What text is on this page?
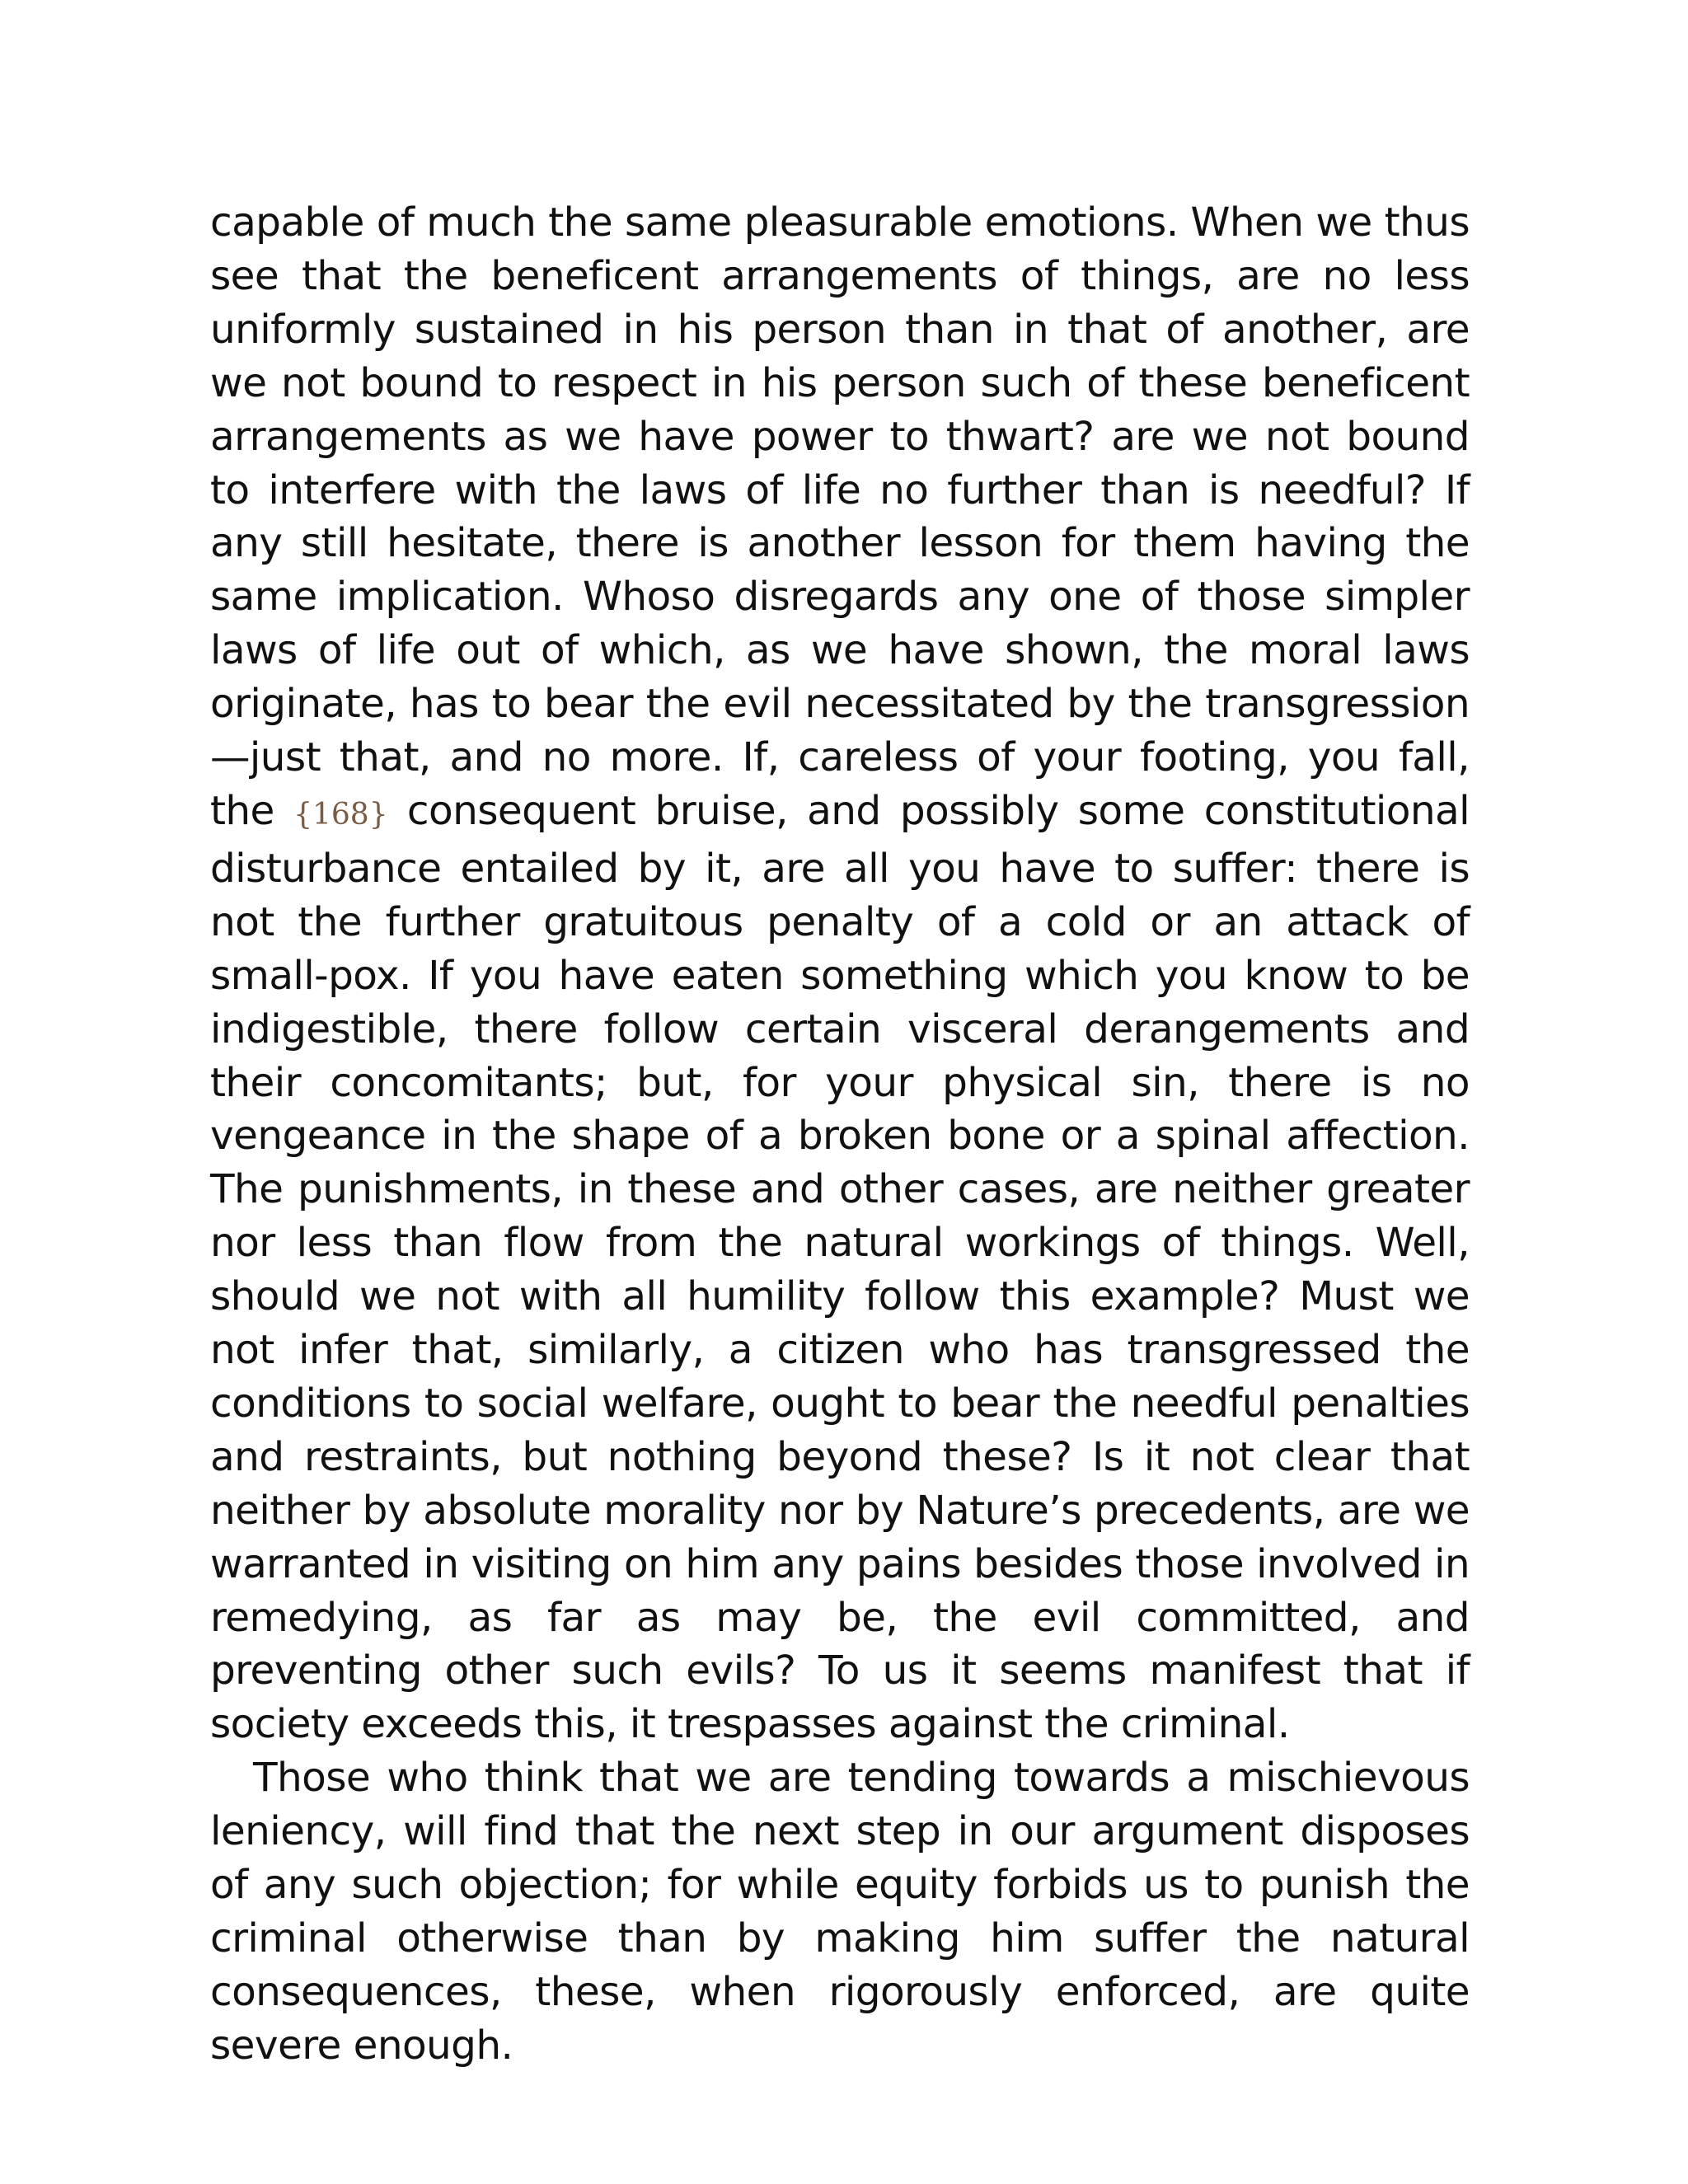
capable of much the same pleasurable emotions. When we thus see that the beneficent arrangements of things, are no less uniformly sustained in his person than in that of another, are we not bound to respect in his person such of these beneficent arrangements as we have power to thwart? are we not bound to interfere with the laws of life no further than is needful? If any still hesitate, there is another lesson for them having the same implication. Whoso disregards any one of those simpler laws of life out of which, as we have shown, the moral laws originate, has to bear the evil necessitated by the transgression—just that, and no more. If, careless of your footing, you fall, the {168} consequent bruise, and possibly some constitutional disturbance entailed by it, are all you have to suffer: there is not the further gratuitous penalty of a cold or an attack of small-pox. If you have eaten something which you know to be indigestible, there follow certain visceral derangements and their concomitants; but, for your physical sin, there is no vengeance in the shape of a broken bone or a spinal affection. The punishments, in these and other cases, are neither greater nor less than flow from the natural workings of things. Well, should we not with all humility follow this example? Must we not infer that, similarly, a citizen who has transgressed the conditions to social welfare, ought to bear the needful penalties and restraints, but nothing beyond these? Is it not clear that neither by absolute morality nor by Nature’s precedents, are we warranted in visiting on him any pains besides those involved in remedying, as far as may be, the evil committed, and preventing other such evils? To us it seems manifest that if society exceeds this, it trespasses against the criminal.

Those who think that we are tending towards a mischievous leniency, will find that the next step in our argument disposes of any such objection; for while equity forbids us to punish the criminal otherwise than by making him suffer the natural consequences, these, when rigorously enforced, are quite severe enough.
